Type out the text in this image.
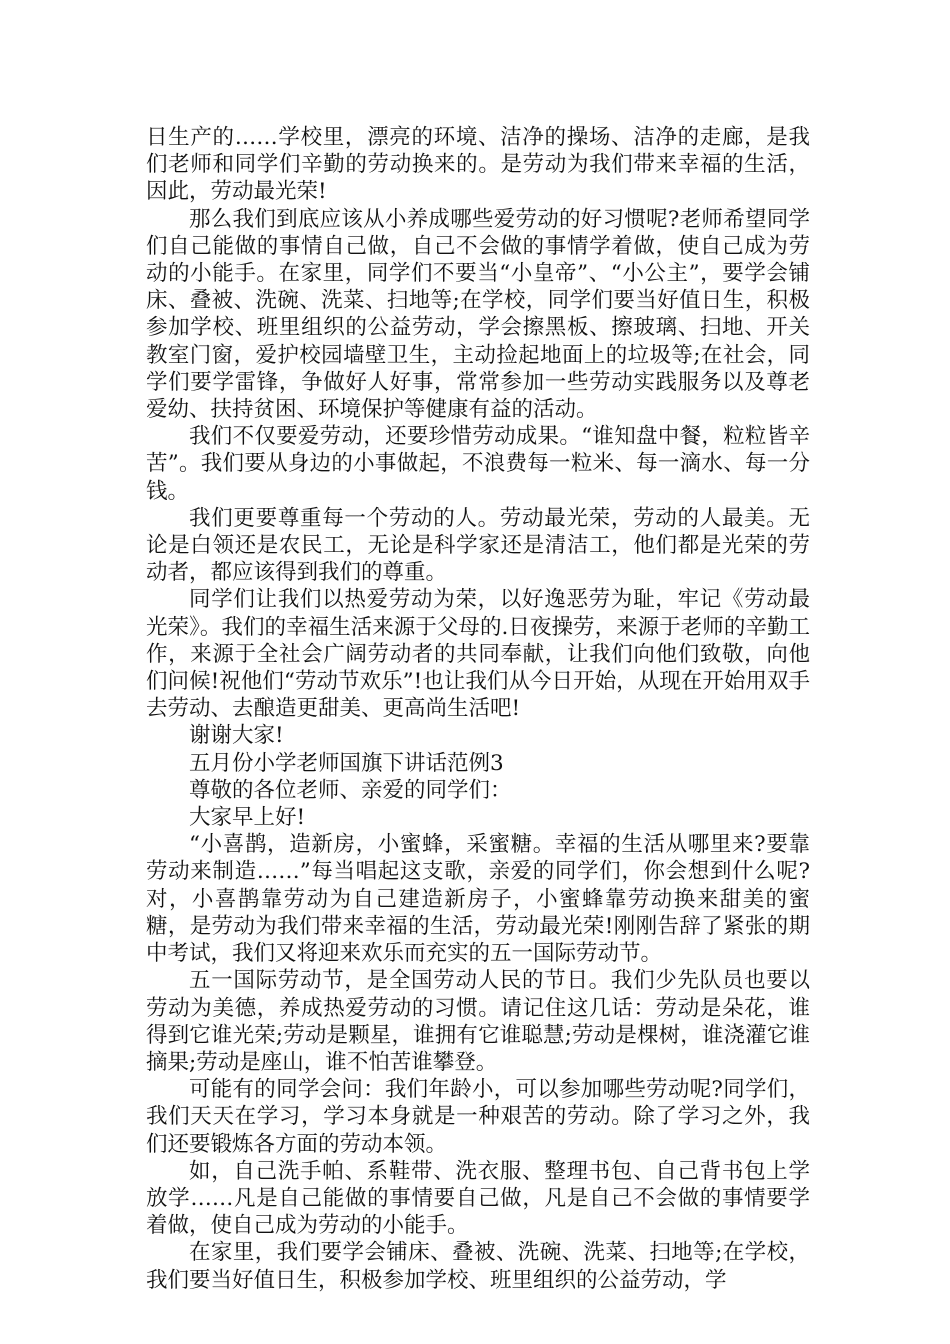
日生产的……学校里，漂亮的环境、洁净的操场、洁净的走廊，是我们老师和同学们辛勤的劳动换来的。是劳动为我们带来幸福的生活，因此，劳动最光荣!

那么我们到底应该从小养成哪些爱劳动的好习惯呢?老师希望同学们自己能做的事情自己做，自己不会做的事情学着做，使自己成为劳动的小能手。在家里，同学们不要当“小皇帝”、“小公主”，要学会铺床、叠被、洗碗、洗菜、扫地等;在学校，同学们要当好值日生，积极参加学校、班里组织的公益劳动，学会擦黑板、擦玻璃、扫地、开关教室门窗，爱护校园墙壁卫生，主动捡起地面上的垃圾等;在社会，同学们要学雷锋，争做好人好事，常常参加一些劳动实践服务以及尊老爱幼、扶持贫困、环境保护等健康有益的活动。

我们不仅要爱劳动，还要珍惜劳动成果。“谁知盘中餐，粒粒皆辛苦”。我们要从身边的小事做起，不浪费每一粒米、每一滴水、每一分钱。

我们更要尊重每一个劳动的人。劳动最光荣，劳动的人最美。无论是白领还是农民工，无论是科学家还是清洁工，他们都是光荣的劳动者，都应该得到我们的尊重。

同学们让我们以热爱劳动为荣，以好逸恶劳为耻，牢记《劳动最光荣》。我们的幸福生活来源于父母的.日夜操劳，来源于老师的辛勤工作，来源于全社会广阔劳动者的共同奉献，让我们向他们致敬，向他们问候!祝他们“劳动节欢乐”!也让我们从今日开始，从现在开始用双手去劳动、去酿造更甜美、更高尚生活吧!

谢谢大家!

五月份小学老师国旗下讲话范例3

尊敬的各位老师、亲爱的同学们：

大家早上好!

“小喜鹊，造新房，小蜜蜂，采蜜糖。幸福的生活从哪里来?要靠劳动来制造……”每当唱起这支歌，亲爱的同学们，你会想到什么呢?对，小喜鹊靠劳动为自己建造新房子，小蜜蜂靠劳动换来甜美的蜜糖，是劳动为我们带来幸福的生活，劳动最光荣!刚刚告辞了紧张的期中考试，我们又将迎来欢乐而充实的五一国际劳动节。

五一国际劳动节，是全国劳动人民的节日。我们少先队员也要以劳动为美德，养成热爱劳动的习惯。请记住这几话：劳动是朵花，谁得到它谁光荣;劳动是颗星，谁拥有它谁聪慧;劳动是棵树，谁浇灌它谁摘果;劳动是座山，谁不怕苦谁攀登。

可能有的同学会问：我们年龄小，可以参加哪些劳动呢?同学们，我们天天在学习，学习本身就是一种艰苦的劳动。除了学习之外，我们还要锻炼各方面的劳动本领。

如，自己洗手帕、系鞋带、洗衣服、整理书包、自己背书包上学放学……凡是自己能做的事情要自己做，凡是自己不会做的事情要学着做，使自己成为劳动的小能手。

在家里，我们要学会铺床、叠被、洗碗、洗菜、扫地等;在学校，我们要当好值日生，积极参加学校、班里组织的公益劳动，学
